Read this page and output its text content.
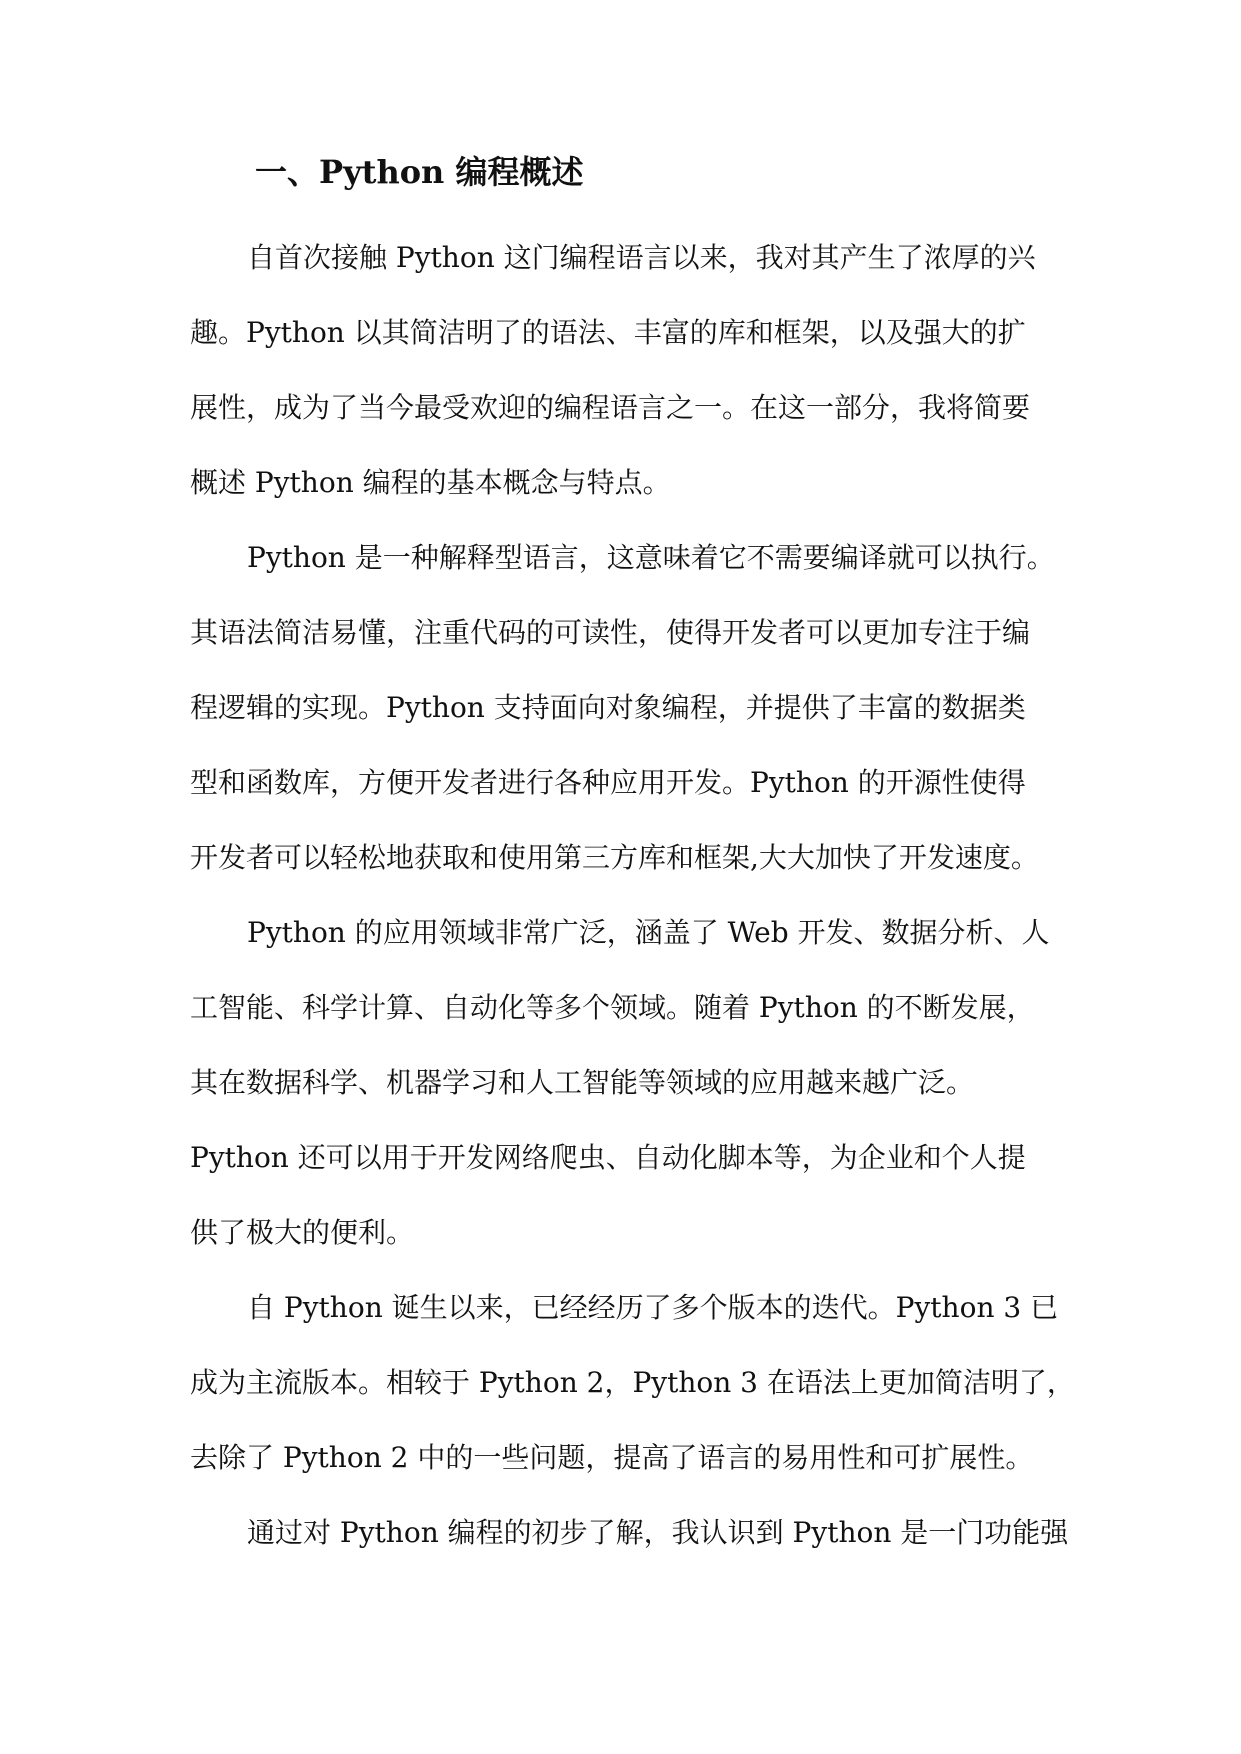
一、Python 编程概述

自首次接触 Python 这门编程语言以来，我对其产生了浓厚的兴

趣。Python 以其简洁明了的语法、丰富的库和框架，以及强大的扩

展性，成为了当今最受欢迎的编程语言之一。在这一部分，我将简要

概述 Python 编程的基本概念与特点。

Python 是一种解释型语言，这意味着它不需要编译就可以执行。

其语法简洁易懂，注重代码的可读性，使得开发者可以更加专注于编

程逻辑的实现。Python 支持面向对象编程，并提供了丰富的数据类

型和函数库，方便开发者进行各种应用开发。Python 的开源性使得

开发者可以轻松地获取和使用第三方库和框架,大大加快了开发速度。

Python 的应用领域非常广泛，涵盖了 Web 开发、数据分析、人

工智能、科学计算、自动化等多个领域。随着 Python 的不断发展，

其在数据科学、机器学习和人工智能等领域的应用越来越广泛。

Python 还可以用于开发网络爬虫、自动化脚本等，为企业和个人提

供了极大的便利。

自 Python 诞生以来，已经经历了多个版本的迭代。Python 3 已

成为主流版本。相较于 Python 2，Python 3 在语法上更加简洁明了，

去除了 Python 2 中的一些问题，提高了语言的易用性和可扩展性。

通过对 Python 编程的初步了解，我认识到 Python 是一门功能强
